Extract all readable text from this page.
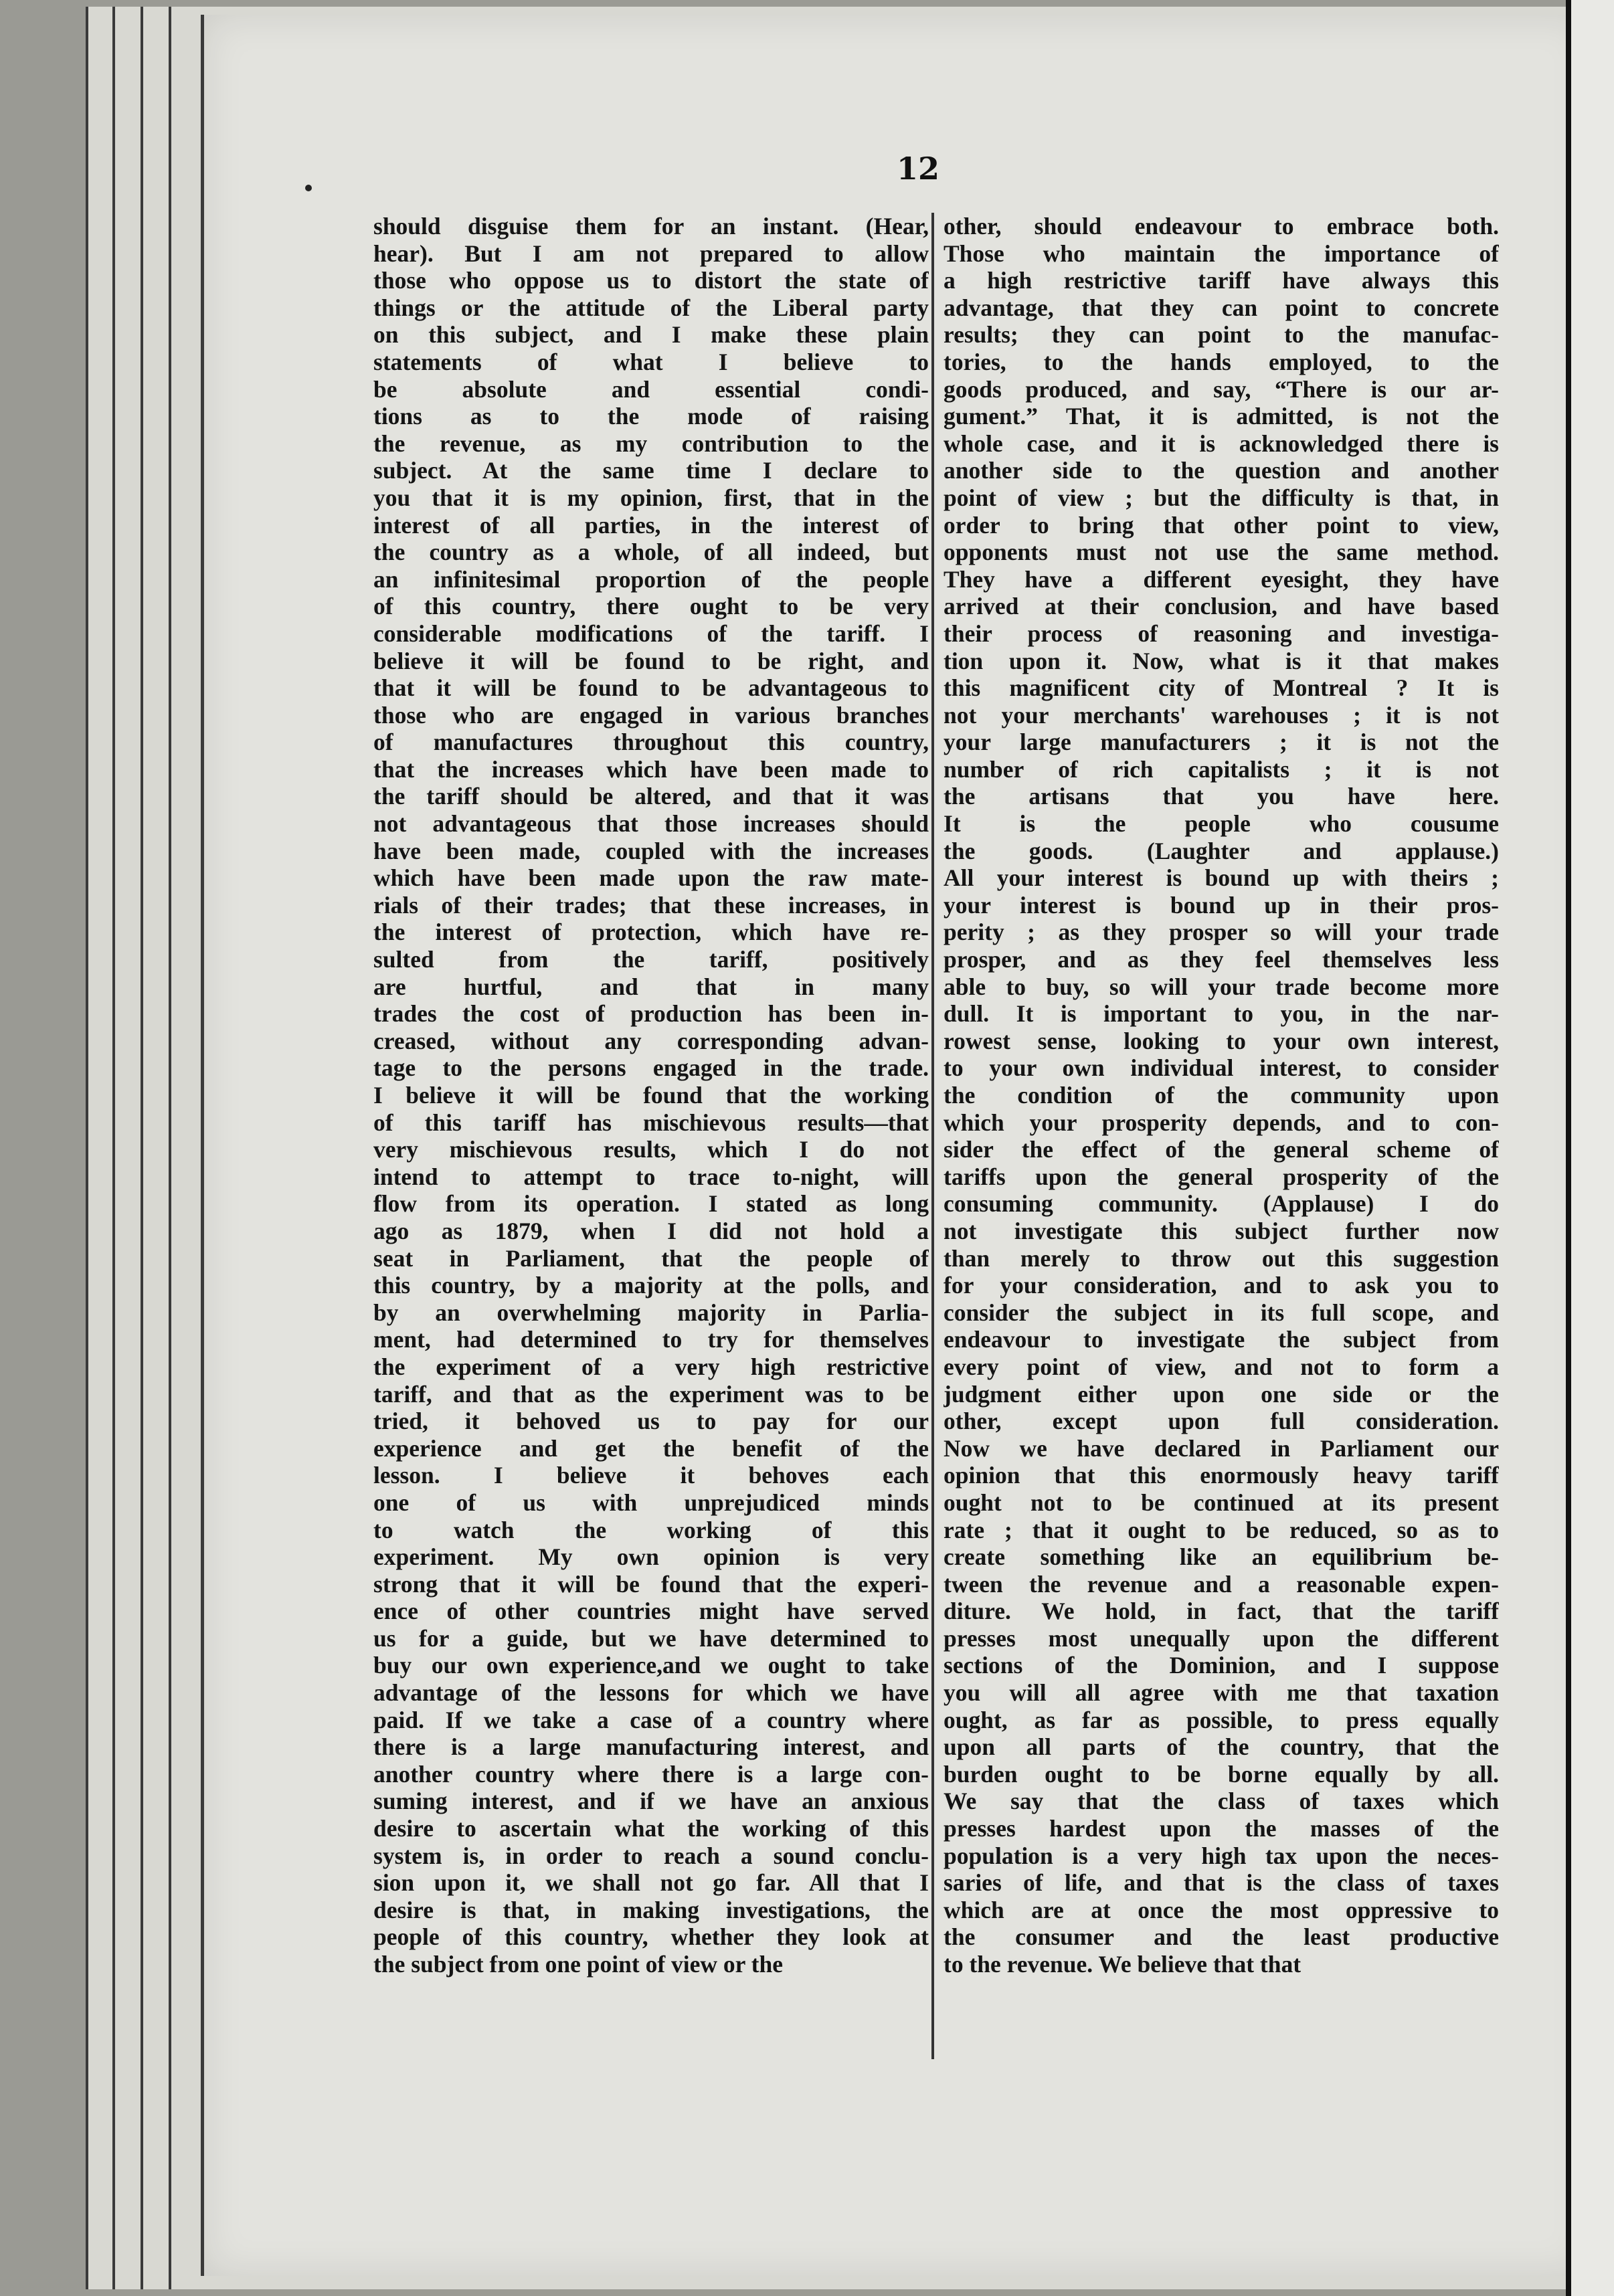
12
should disguise them for an instant. (Hear,
hear). But I am not prepared to allow
those who oppose us to distort the state of
things or the attitude of the Liberal party
on this subject, and I make these plain
statements of what I believe to
be absolute and essential condi-
tions as to the mode of raising
the revenue, as my contribution to the
subject. At the same time I declare to
you that it is my opinion, first, that in the
interest of all parties, in the interest of
the country as a whole, of all indeed, but
an infinitesimal proportion of the people
of this country, there ought to be very
considerable modifications of the tariff. I
believe it will be found to be right, and
that it will be found to be advantageous to
those who are engaged in various branches
of manufactures throughout this country,
that the increases which have been made to
the tariff should be altered, and that it was
not advantageous that those increases should
have been made, coupled with the increases
which have been made upon the raw mate-
rials of their trades; that these increases, in
the interest of protection, which have re-
sulted from the tariff, positively
are hurtful, and that in many
trades the cost of production has been in-
creased, without any corresponding advan-
tage to the persons engaged in the trade.
I believe it will be found that the working
of this tariff has mischievous results—that
very mischievous results, which I do not
intend to attempt to trace to-night, will
flow from its operation. I stated as long
ago as 1879, when I did not hold a
seat in Parliament, that the people of
this country, by a majority at the polls, and
by an overwhelming majority in Parlia-
ment, had determined to try for themselves
the experiment of a very high restrictive
tariff, and that as the experiment was to be
tried, it behoved us to pay for our
experience and get the benefit of the
lesson. I believe it behoves each
one of us with unprejudiced minds
to watch the working of this
experiment. My own opinion is very
strong that it will be found that the experi-
ence of other countries might have served
us for a guide, but we have determined to
buy our own experience,and we ought to take
advantage of the lessons for which we have
paid. If we take a case of a country where
there is a large manufacturing interest, and
another country where there is a large con-
suming interest, and if we have an anxious
desire to ascertain what the working of this
system is, in order to reach a sound conclu-
sion upon it, we shall not go far. All that I
desire is that, in making investigations, the
people of this country, whether they look at
the subject from one point of view or the
other, should endeavour to embrace both.
Those who maintain the importance of
a high restrictive tariff have always this
advantage, that they can point to concrete
results; they can point to the manufac-
tories, to the hands employed, to the
goods produced, and say, “There is our ar-
gument.” That, it is admitted, is not the
whole case, and it is acknowledged there is
another side to the question and another
point of view ; but the difficulty is that, in
order to bring that other point to view,
opponents must not use the same method.
They have a different eyesight, they have
arrived at their conclusion, and have based
their process of reasoning and investiga-
tion upon it. Now, what is it that makes
this magnificent city of Montreal ? It is
not your merchants' warehouses ; it is not
your large manufacturers ; it is not the
number of rich capitalists ; it is not
the artisans that you have here.
It is the people who cousume
the goods. (Laughter and applause.)
All your interest is bound up with theirs ;
your interest is bound up in their pros-
perity ; as they prosper so will your trade
prosper, and as they feel themselves less
able to buy, so will your trade become more
dull. It is important to you, in the nar-
rowest sense, looking to your own interest,
to your own individual interest, to consider
the condition of the community upon
which your prosperity depends, and to con-
sider the effect of the general scheme of
tariffs upon the general prosperity of the
consuming community. (Applause) I do
not investigate this subject further now
than merely to throw out this suggestion
for your consideration, and to ask you to
consider the subject in its full scope, and
endeavour to investigate the subject from
every point of view, and not to form a
judgment either upon one side or the
other, except upon full consideration.
Now we have declared in Parliament our
opinion that this enormously heavy tariff
ought not to be continued at its present
rate ; that it ought to be reduced, so as to
create something like an equilibrium be-
tween the revenue and a reasonable expen-
diture. We hold, in fact, that the tariff
presses most unequally upon the different
sections of the Dominion, and I suppose
you will all agree with me that taxation
ought, as far as possible, to press equally
upon all parts of the country, that the
burden ought to be borne equally by all.
We say that the class of taxes which
presses hardest upon the masses of the
population is a very high tax upon the neces-
saries of life, and that is the class of taxes
which are at once the most oppressive to
the consumer and the least productive
to the revenue. We believe that that
